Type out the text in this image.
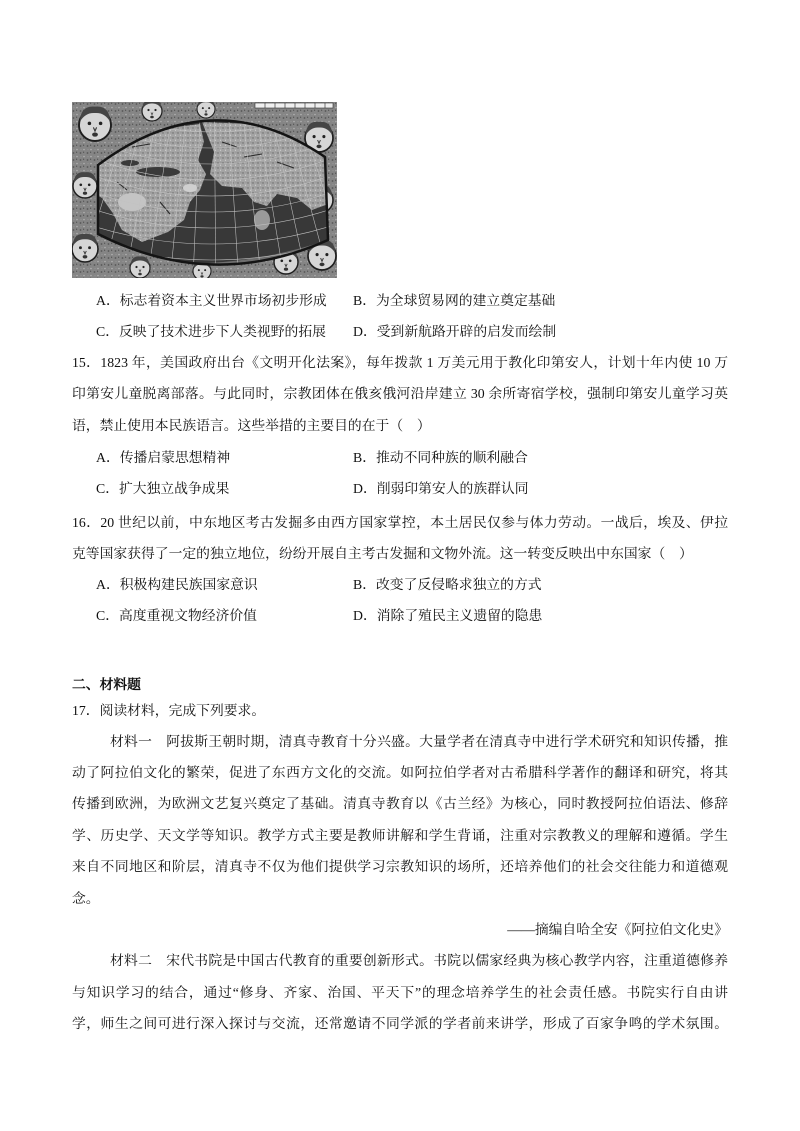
A．标志着资本主义世界市场初步形成 B．为全球贸易网的建立奠定基础
C．反映了技术进步下人类视野的拓展 D．受到新航路开辟的启发而绘制
15．1823 年，美国政府出台《文明开化法案》，每年拨款 1 万美元用于教化印第安人，计划十年内使 10 万
印第安儿童脱离部落。与此同时，宗教团体在俄亥俄河沿岸建立 30 余所寄宿学校，强制印第安儿童学习英
语，禁止使用本民族语言。这些举措的主要目的在于（　）
A．传播启蒙思想精神	B．推动不同种族的顺利融合
C．扩大独立战争成果	D．削弱印第安人的族群认同
16．20 世纪以前，中东地区考古发掘多由西方国家掌控，本土居民仅参与体力劳动。一战后，埃及、伊拉
克等国家获得了一定的独立地位，纷纷开展自主考古发掘和文物外流。这一转变反映出中东国家（　）
A．积极构建民族国家意识	B．改变了反侵略求独立的方式
C．高度重视文物经济价值	D．消除了殖民主义遗留的隐患
二、材料题
17．阅读材料，完成下列要求。
材料一　阿拔斯王朝时期，清真寺教育十分兴盛。大量学者在清真寺中进行学术研究和知识传播，推
动了阿拉伯文化的繁荣，促进了东西方文化的交流。如阿拉伯学者对古希腊科学著作的翻译和研究，将其
传播到欧洲，为欧洲文艺复兴奠定了基础。清真寺教育以《古兰经》为核心，同时教授阿拉伯语法、修辞
学、历史学、天文学等知识。教学方式主要是教师讲解和学生背诵，注重对宗教教义的理解和遵循。学生
来自不同地区和阶层，清真寺不仅为他们提供学习宗教知识的场所，还培养他们的社会交往能力和道德观
念。
——摘编自哈全安《阿拉伯文化史》
材料二　宋代书院是中国古代教育的重要创新形式。书院以儒家经典为核心教学内容，注重道德修养
与知识学习的结合，通过“修身、齐家、治国、平天下”的理念培养学生的社会责任感。书院实行自由讲
学，师生之间可进行深入探讨与交流，还常邀请不同学派的学者前来讲学，形成了百家争鸣的学术氛围。
